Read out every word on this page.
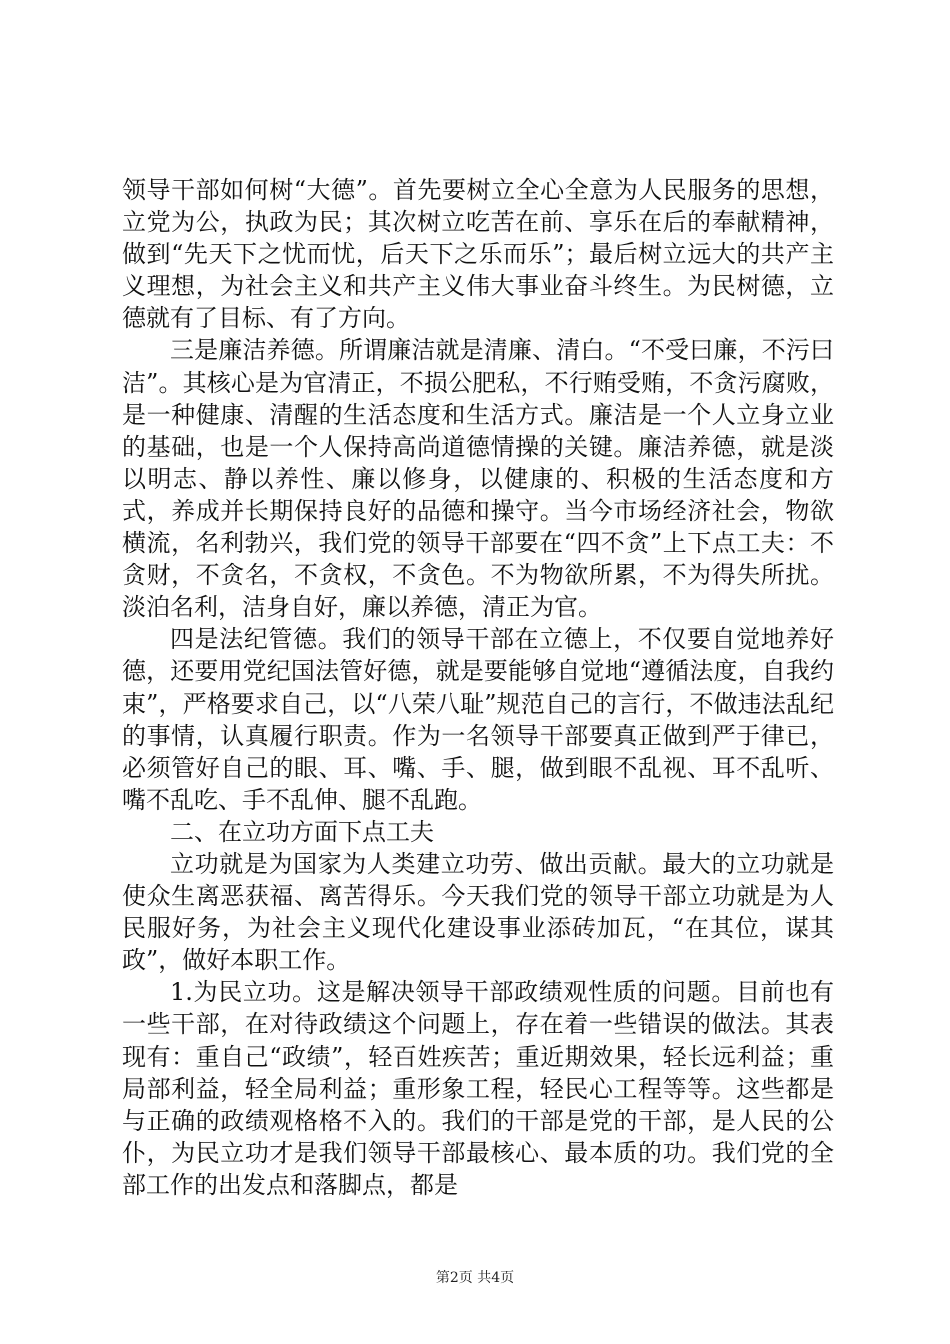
领导干部如何树“大德”。首先要树立全心全意为人民服务的思想，立党为公，执政为民；其次树立吃苦在前、享乐在后的奉献精神，做到“先天下之忧而忧，后天下之乐而乐”；最后树立远大的共产主义理想，为社会主义和共产主义伟大事业奋斗终生。为民树德，立德就有了目标、有了方向。

三是廉洁养德。所谓廉洁就是清廉、清白。“不受曰廉，不污曰洁”。其核心是为官清正，不损公肥私，不行贿受贿，不贪污腐败，是一种健康、清醒的生活态度和生活方式。廉洁是一个人立身立业的基础，也是一个人保持高尚道德情操的关键。廉洁养德，就是淡以明志、静以养性、廉以修身，以健康的、积极的生活态度和方式，养成并长期保持良好的品德和操守。当今市场经济社会，物欲横流，名利勃兴，我们党的领导干部要在“四不贪”上下点工夫：不贪财，不贪名，不贪权，不贪色。不为物欲所累，不为得失所扰。淡泊名利，洁身自好，廉以养德，清正为官。

四是法纪管德。我们的领导干部在立德上，不仅要自觉地养好德，还要用党纪国法管好德，就是要能够自觉地“遵循法度，自我约束”，严格要求自己，以“八荣八耻”规范自己的言行，不做违法乱纪的事情，认真履行职责。作为一名领导干部要真正做到严于律已，必须管好自己的眼、耳、嘴、手、腿，做到眼不乱视、耳不乱听、嘴不乱吃、手不乱伸、腿不乱跑。

二、在立功方面下点工夫

立功就是为国家为人类建立功劳、做出贡献。最大的立功就是使众生离恶获福、离苦得乐。今天我们党的领导干部立功就是为人民服好务，为社会主义现代化建设事业添砖加瓦，“在其位，谋其政”，做好本职工作。

1.为民立功。这是解决领导干部政绩观性质的问题。目前也有一些干部，在对待政绩这个问题上，存在着一些错误的做法。其表现有：重自己“政绩”，轻百姓疾苦；重近期效果，轻长远利益；重局部利益，轻全局利益；重形象工程，轻民心工程等等。这些都是与正确的政绩观格格不入的。我们的干部是党的干部，是人民的公仆，为民立功才是我们领导干部最核心、最本质的功。我们党的全部工作的出发点和落脚点，都是

第2页 共4页
